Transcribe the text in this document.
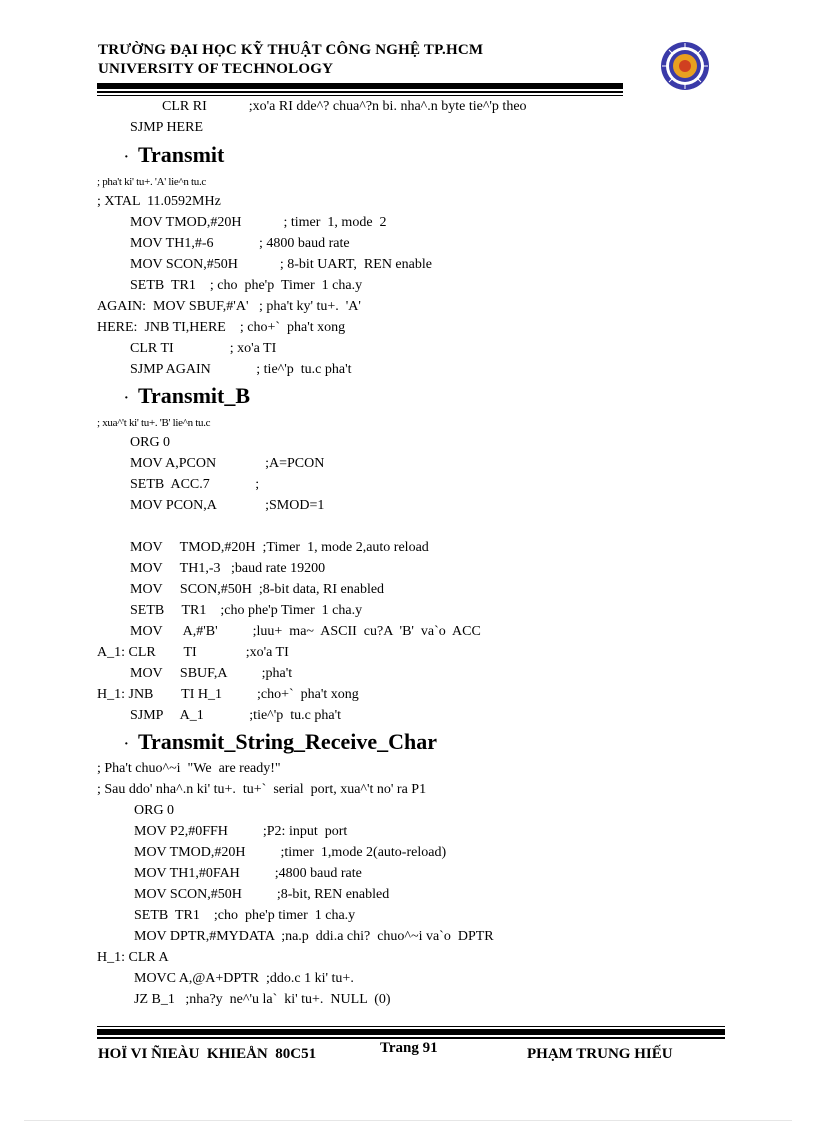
TRƯỜNG ĐẠI HỌC KỸ THUẬT CÔNG NGHỆ TP.HCM
UNIVERSITY OF TECHNOLOGY
CLR RI            ;xo'a RI dde^? chua^?n bi. nha^.n byte tie^'p theo
SJMP HERE
· Transmit
; pha't ki' tu+. 'A' lie^n tu.c
; XTAL  11.0592MHz
MOV TMOD,#20H            ; timer  1, mode  2
MOV TH1,#-6             ; 4800 baud rate
MOV SCON,#50H            ; 8-bit UART,  REN enable
SETB  TR1    ; cho  phe'p  Timer  1 cha.y
AGAIN:  MOV SBUF,#'A'   ; pha't ky' tu+.  'A'
HERE:  JNB TI,HERE    ; cho+`  pha't xong
CLR TI                ; xo'a TI
SJMP AGAIN             ; tie^'p  tu.c pha't
· Transmit_B
; xua^'t ki' tu+. 'B' lie^n tu.c
ORG 0
MOV A,PCON              ;A=PCON
SETB  ACC.7             ;
MOV PCON,A              ;SMOD=1
MOV     TMOD,#20H  ;Timer  1, mode 2,auto reload
MOV     TH1,-3   ;baud rate 19200
MOV     SCON,#50H  ;8-bit data, RI enabled
SETB     TR1    ;cho phe'p Timer  1 cha.y
MOV      A,#'B'          ;luu+  ma~  ASCII  cu?A  'B'  va`o  ACC
A_1: CLR        TI              ;xo'a TI
MOV     SBUF,A          ;pha't
H_1: JNB        TI H_1          ;cho+`  pha't xong
SJMP     A_1             ;tie^'p  tu.c pha't
· Transmit_String_Receive_Char
; Pha't chuo^~i  "We  are ready!"
; Sau ddo' nha^.n ki' tu+.  tu+`  serial  port, xua^'t no' ra P1
ORG 0
MOV P2,#0FFH          ;P2: input  port
MOV TMOD,#20H          ;timer  1,mode 2(auto-reload)
MOV TH1,#0FAH          ;4800 baud rate
MOV SCON,#50H          ;8-bit, REN enabled
SETB  TR1    ;cho  phe'p timer  1 cha.y
MOV DPTR,#MYDATA  ;na.p  ddi.a chi?  chuo^~i va`o  DPTR
H_1: CLR A
MOVC A,@A+DPTR  ;ddo.c 1 ki' tu+.
JZ B_1   ;nha?y  ne^'u la`  ki' tu+.  NULL  (0)
HOÏ VI ÑIEÀU  KHIEÅN  80C51	Trang 91	PHẠM TRUNG HIẾU
